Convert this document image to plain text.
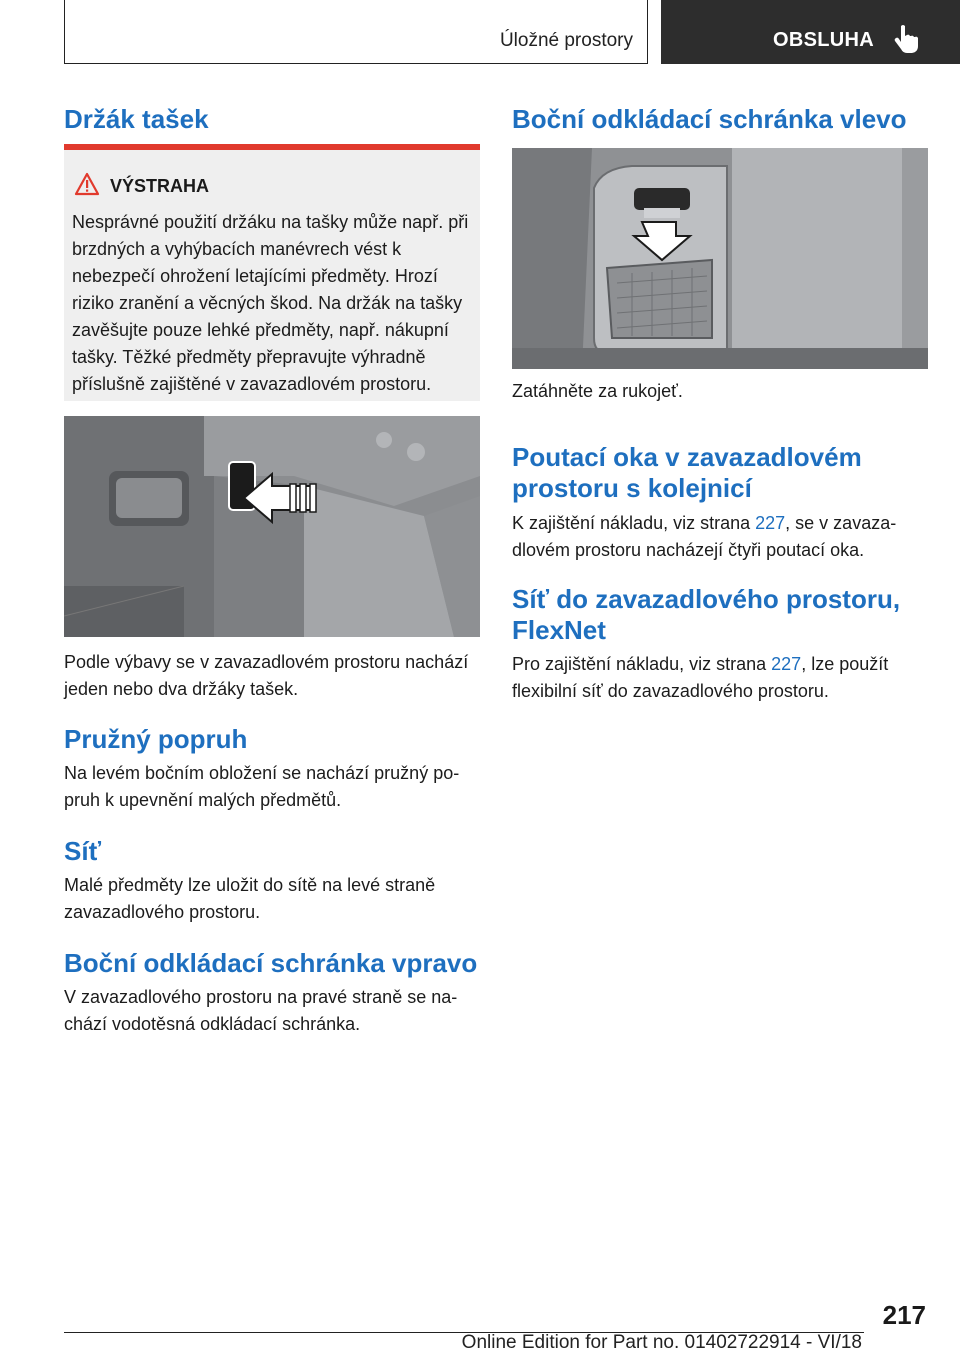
Úložné prostory	OBSLUHA
Držák tašek
VÝSTRAHA

Nesprávné použití držáku na tašky může např. při brzdných a vyhýbacích manévrech vést k nebezpečí ohrožení letajícími předměty. Hrozí riziko zranění a věcných škod. Na držák na tašky zavěšujte pouze lehké předměty, např. nákupní tašky. Těžké předměty přepravujte výhradně příslušně zajištěné v zavazadlovém prostoru.

Podle výbavy se v zavazadlovém prostoru nachází jeden nebo dva držáky tašek.

Pružný popruh

Na levém bočním obložení se nachází pružný popruh k upevnění malých předmětů.

Síť

Malé předměty lze uložit do sítě na levé straně zavazadlového prostoru.

Boční odkládací schránka vpravo

V zavazadlového prostoru na pravé straně se nachází vodotěsná odkládací schránka.

Boční odkládací schránka vlevo

Zatáhněte za rukojeť.

Poutací oka v zavazadlovém prostoru s kolejnicí

K zajištění nákladu, viz strana 227, se v zavazadlovém prostoru nacházejí čtyři poutací oka.

Síť do zavazadlového prostoru, FlexNet

Pro zajištění nákladu, viz strana 227, lze použít flexibilní síť do zavazadlového prostoru.

217
Online Edition for Part no. 01402722914 - VI/18
